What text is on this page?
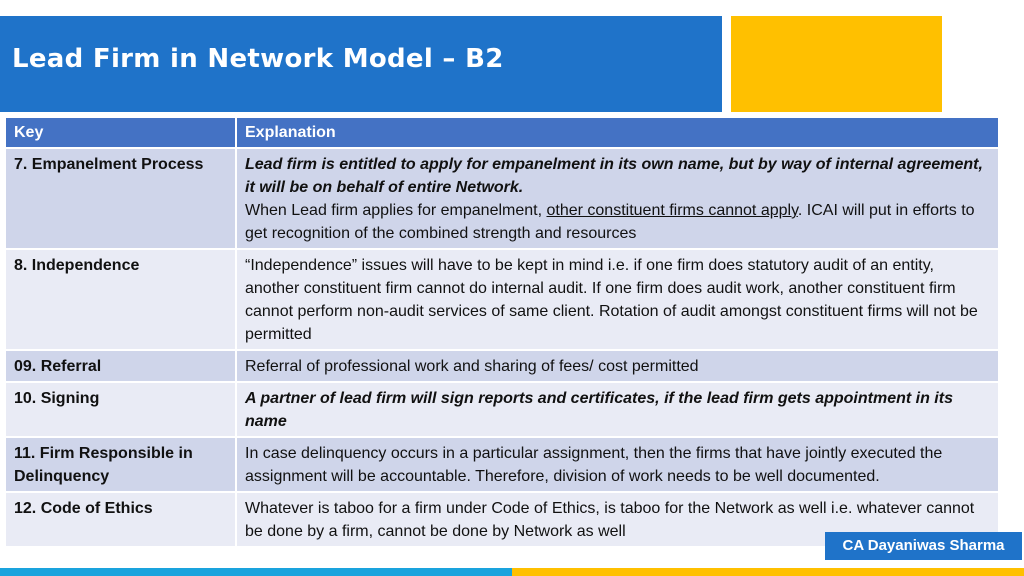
Lead Firm in Network Model – B2
Key	Explanation
7. Empanelment Process	Lead firm is entitled to apply for empanelment in its own name, but by way of internal agreement, it will be on behalf of entire Network.
When Lead firm applies for empanelment, other constituent firms cannot apply. ICAI will put in efforts to get recognition of the combined strength and resources
8. Independence	“Independence” issues will have to be kept in mind i.e. if one firm does statutory audit of an entity, another constituent firm cannot do internal audit. If one firm does audit work, another constituent firm cannot perform non-audit services of same client. Rotation of audit amongst constituent firms will not be permitted
09. Referral	Referral of professional work and sharing of fees/ cost permitted
10. Signing	A partner of lead firm will sign reports and certificates, if the lead firm gets appointment in its name
11. Firm Responsible in Delinquency	In case delinquency occurs in a particular assignment, then the firms that have jointly executed the assignment will be accountable. Therefore, division of work needs to be well documented.
12. Code of Ethics	Whatever is taboo for a firm under Code of Ethics, is taboo for the Network as well i.e. whatever cannot be done by a firm, cannot be done by Network as well
CA Dayaniwas Sharma
